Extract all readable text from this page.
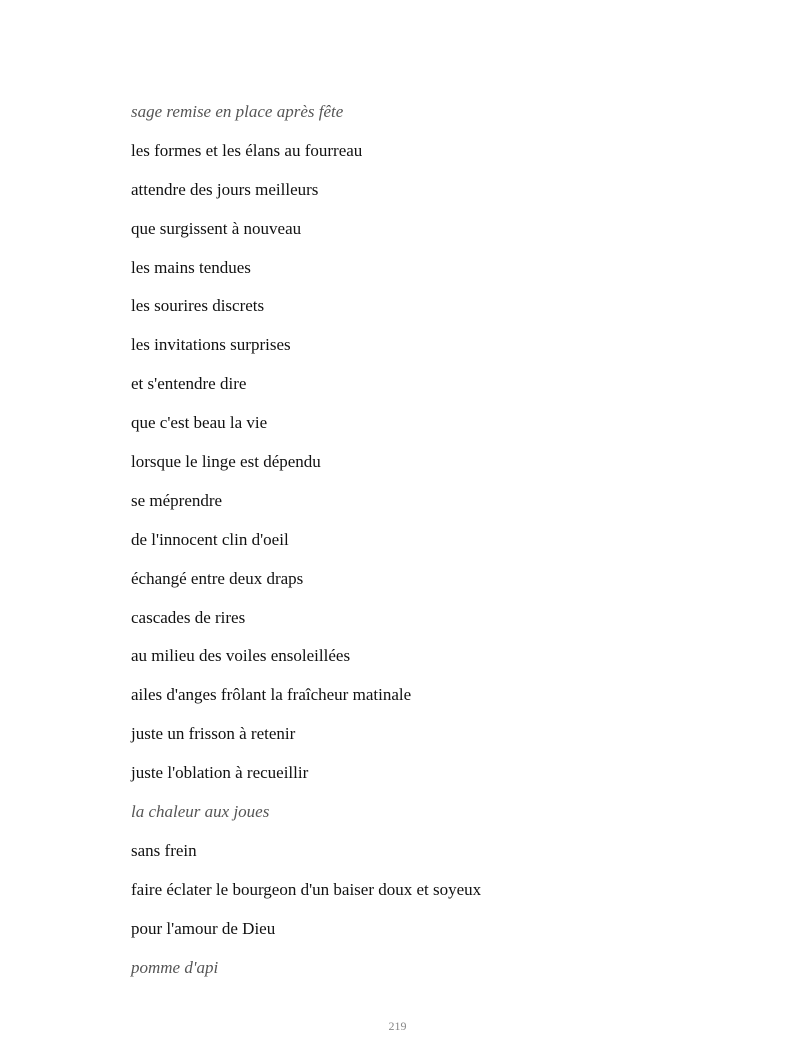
sage remise en place après fête
les formes et les élans au fourreau
attendre des jours meilleurs
que surgissent à nouveau
les mains tendues
les sourires discrets
les invitations surprises
et s'entendre dire
que c'est beau la vie
lorsque le linge est dépendu
se méprendre
de l'innocent clin d'oeil
échangé entre deux draps
cascades de rires
au milieu des voiles ensoleillées
ailes d'anges frôlant la fraîcheur matinale
juste un frisson à retenir
juste l'oblation à recueillir
la chaleur aux joues
sans frein
faire éclater le bourgeon d'un baiser doux et soyeux
pour l'amour de Dieu
pomme d'api
219
